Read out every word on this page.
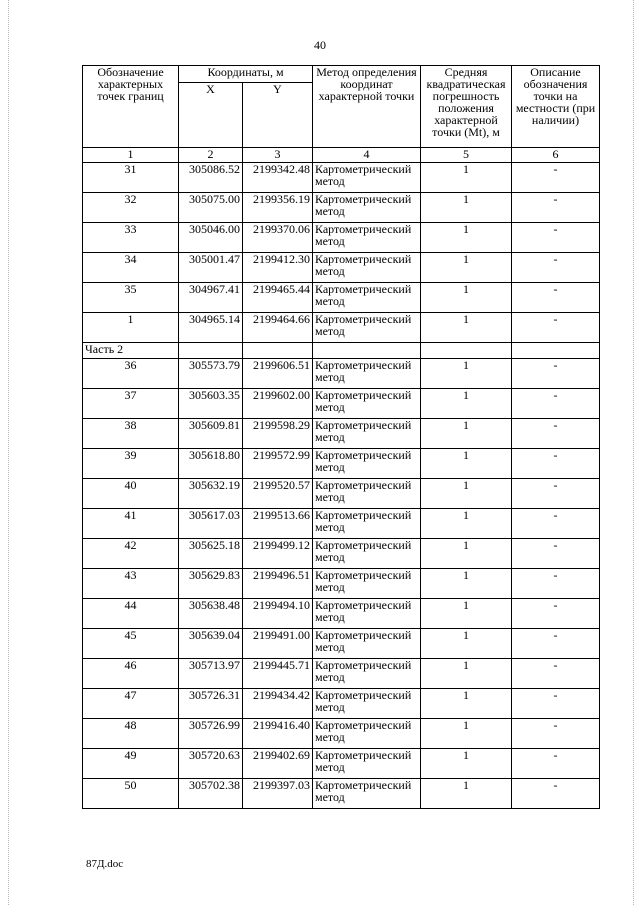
40
Обозначение характерных точек границ	Координаты, м		Метод определения координат характерной точки	Средняя квадратическая погрешность положения характерной точки (Mt), м	Описание обозначения точки на местности (при наличии)
	X	Y			
1	2	3	4	5	6
31	305086.52	2199342.48	Картометрический метод	1	-
32	305075.00	2199356.19	Картометрический метод	1	-
33	305046.00	2199370.06	Картометрический метод	1	-
34	305001.47	2199412.30	Картометрический метод	1	-
35	304967.41	2199465.44	Картометрический метод	1	-
1	304965.14	2199464.66	Картометрический метод	1	-
Часть 2					
36	305573.79	2199606.51	Картометрический метод	1	-
37	305603.35	2199602.00	Картометрический метод	1	-
38	305609.81	2199598.29	Картометрический метод	1	-
39	305618.80	2199572.99	Картометрический метод	1	-
40	305632.19	2199520.57	Картометрический метод	1	-
41	305617.03	2199513.66	Картометрический метод	1	-
42	305625.18	2199499.12	Картометрический метод	1	-
43	305629.83	2199496.51	Картометрический метод	1	-
44	305638.48	2199494.10	Картометрический метод	1	-
45	305639.04	2199491.00	Картометрический метод	1	-
46	305713.97	2199445.71	Картометрический метод	1	-
47	305726.31	2199434.42	Картометрический метод	1	-
48	305726.99	2199416.40	Картометрический метод	1	-
49	305720.63	2199402.69	Картометрический метод	1	-
50	305702.38	2199397.03	Картометрический метод	1	-
87Д.doc
